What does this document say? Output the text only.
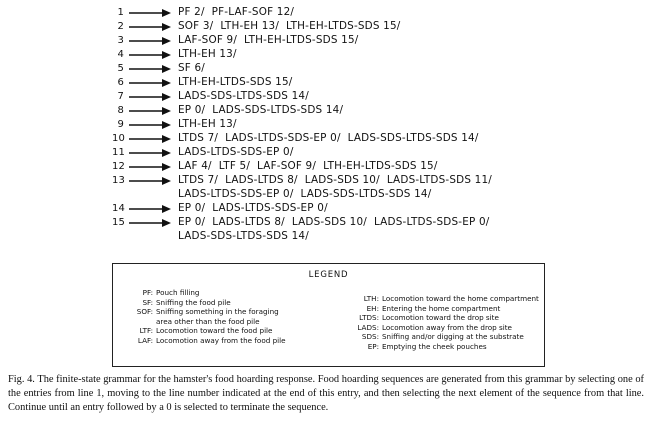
1	PF 2/  PF-LAF-SOF 12/
2	SOF 3/  LTH-EH 13/  LTH-EH-LTDS-SDS 15/
3	LAF-SOF 9/  LTH-EH-LTDS-SDS 15/
4	LTH-EH 13/
5	SF 6/
6	LTH-EH-LTDS-SDS 15/
7	LADS-SDS-LTDS-SDS 14/
8	EP 0/  LADS-SDS-LTDS-SDS 14/
9	LTH-EH 13/
10	LTDS 7/  LADS-LTDS-SDS-EP 0/  LADS-SDS-LTDS-SDS 14/
11	LADS-LTDS-SDS-EP 0/
12	LAF 4/  LTF 5/  LAF-SOF 9/  LTH-EH-LTDS-SDS 15/
13	LTDS 7/  LADS-LTDS 8/  LADS-SDS 10/  LADS-LTDS-SDS 11/
LADS-LTDS-SDS-EP 0/  LADS-SDS-LTDS-SDS 14/
14	EP 0/  LADS-LTDS-SDS-EP 0/
15	EP 0/  LADS-LTDS 8/  LADS-SDS 10/  LADS-LTDS-SDS-EP 0/
LADS-SDS-LTDS-SDS 14/
LEGEND
PF: Pouch filling
SF: Sniffing the food pile
SOF: Sniffing something in the foraging
area other than the food pile
LTF: Locomotion toward the food pile
LAF: Locomotion away from the food pile
LTH: Locomotion toward the home compartment
EH: Entering the home compartment
LTDS: Locomotion toward the drop site
LADS: Locomotion away from the drop site
SDS: Sniffing and/or digging at the substrate
EP: Emptying the cheek pouches
Fig. 4. The finite-state grammar for the hamster's food hoarding response. Food hoarding sequences are generated from this grammar by selecting one of the entries from line 1, moving to the line number indicated at the end of this entry, and then selecting the next element of the sequence from that line. Continue until an entry followed by a 0 is selected to terminate the sequence.
